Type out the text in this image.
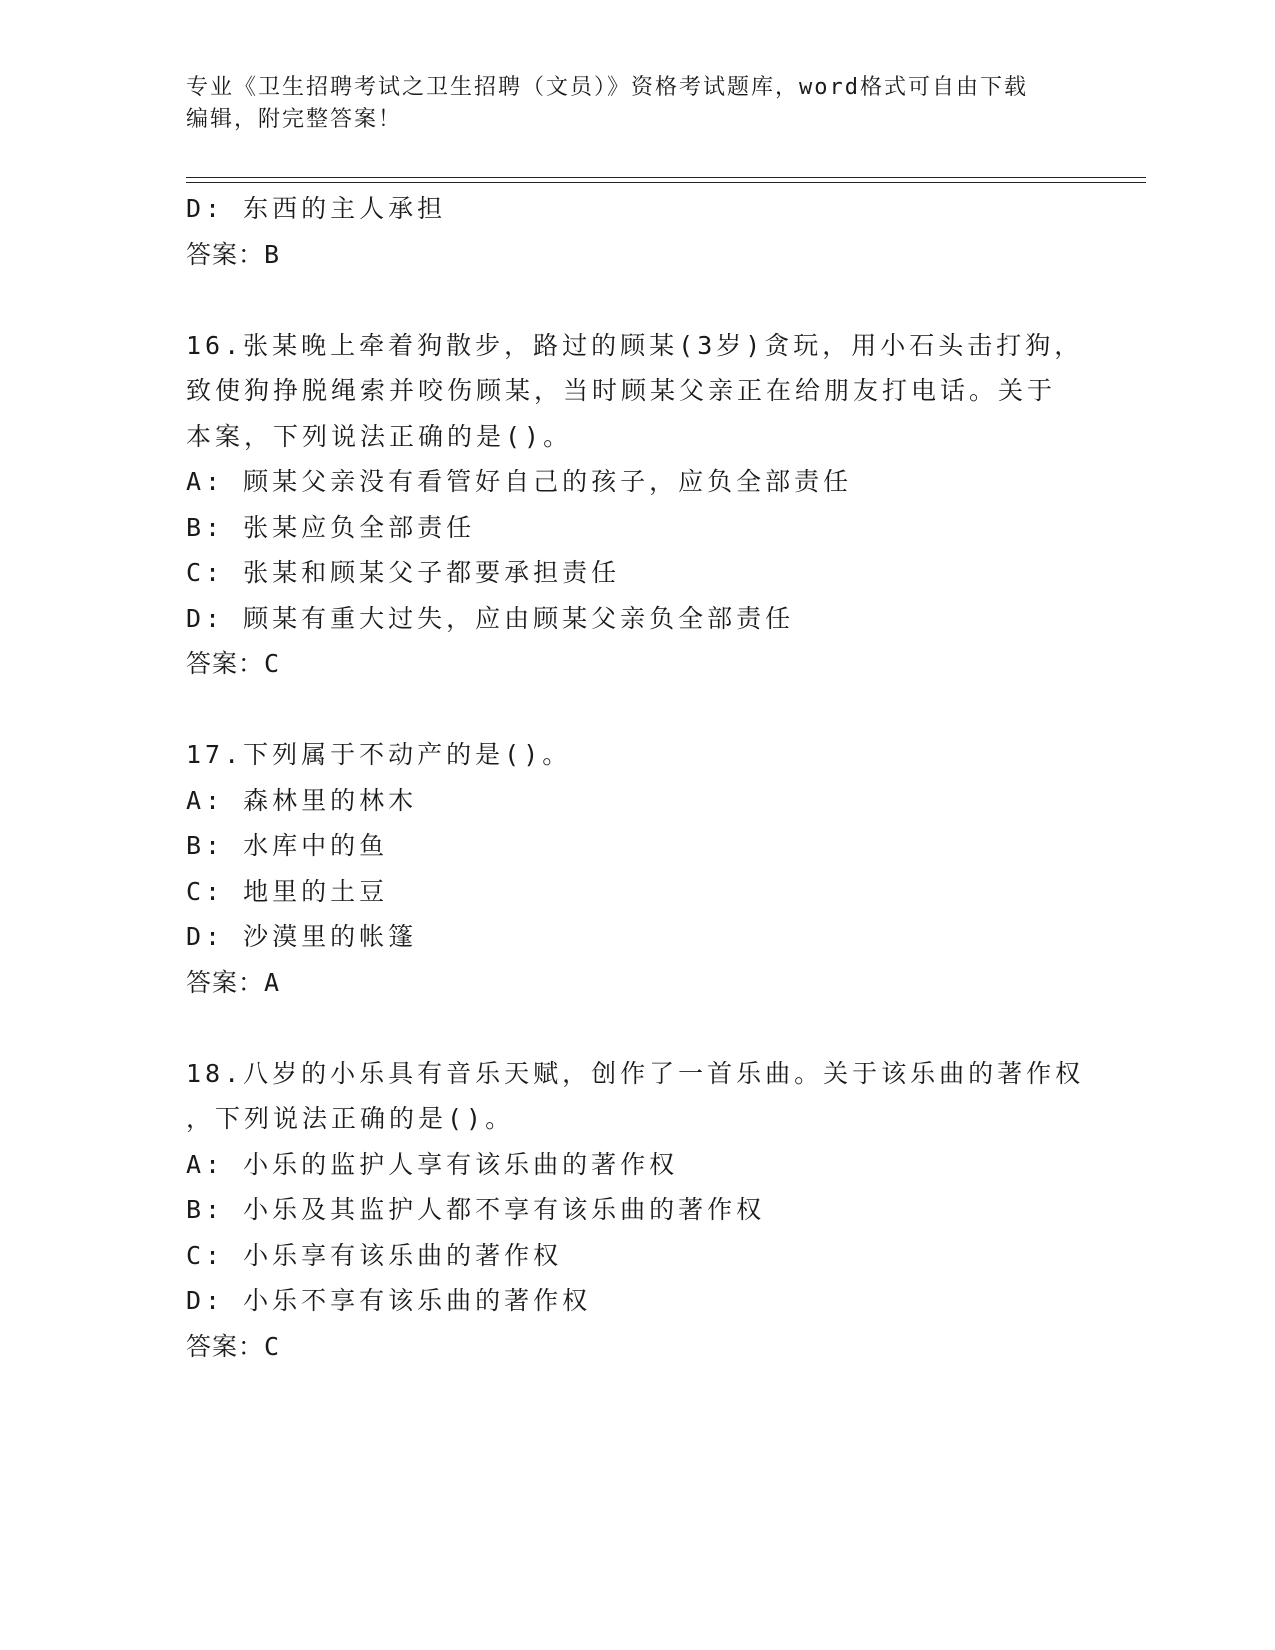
专业《卫生招聘考试之卫生招聘（文员）》资格考试题库，word格式可自由下载
编辑，附完整答案！
D: 东西的主人承担
答案：B
16.张某晚上牵着狗散步，路过的顾某(3岁)贪玩，用小石头击打狗，
致使狗挣脱绳索并咬伤顾某，当时顾某父亲正在给朋友打电话。关于
本案，下列说法正确的是()。
A: 顾某父亲没有看管好自己的孩子，应负全部责任
B: 张某应负全部责任
C: 张某和顾某父子都要承担责任
D: 顾某有重大过失，应由顾某父亲负全部责任
答案：C
17.下列属于不动产的是()。
A: 森林里的林木
B: 水库中的鱼
C: 地里的土豆
D: 沙漠里的帐篷
答案：A
18.八岁的小乐具有音乐天赋，创作了一首乐曲。关于该乐曲的著作权
，下列说法正确的是()。
A: 小乐的监护人享有该乐曲的著作权
B: 小乐及其监护人都不享有该乐曲的著作权
C: 小乐享有该乐曲的著作权
D: 小乐不享有该乐曲的著作权
答案：C
